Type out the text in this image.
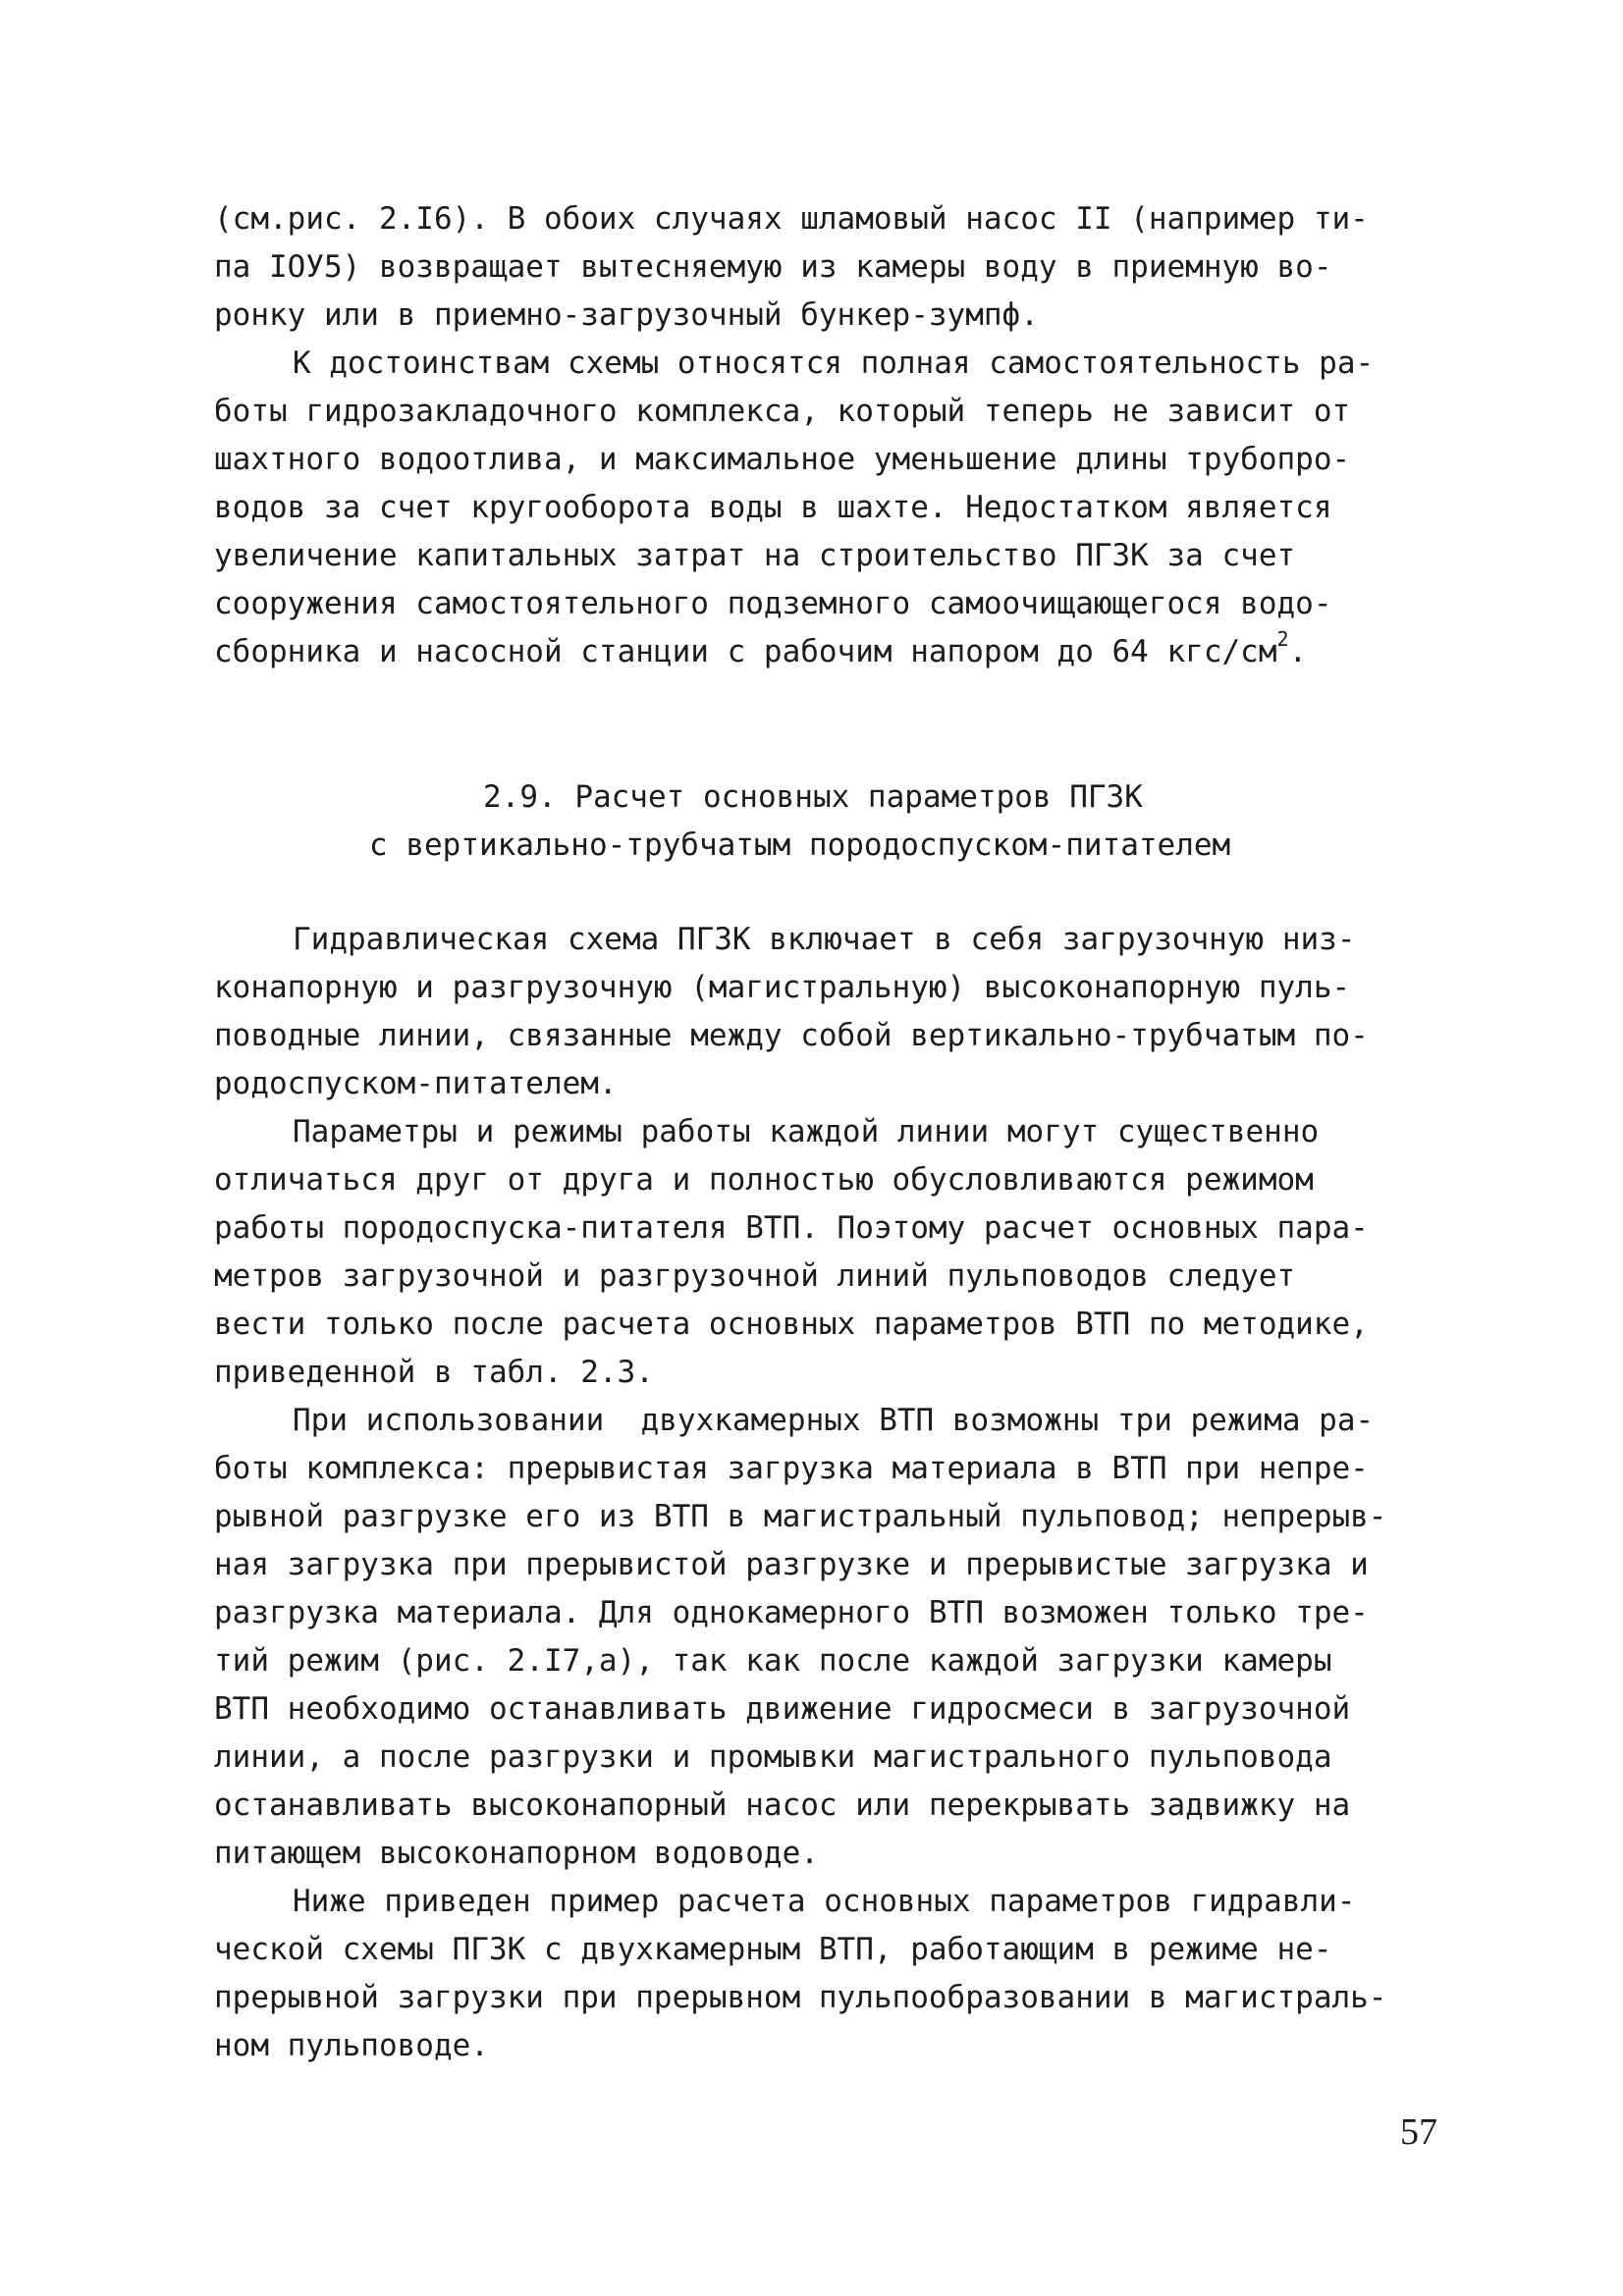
(см.рис. 2.I6). В обоих случаях шламовый насос II (например ти-
па IOУ5) возвращает вытесняемую из камеры воду в приемную во-
ронку или в приемно-загрузочный бункер-зумпф.
К достоинствам схемы относятся полная самостоятельность ра-
боты гидрозакладочного комплекса, который теперь не зависит от
шахтного водоотлива, и максимальное уменьшение длины трубопро-
водов за счет кругооборота воды в шахте. Недостатком является
увеличение капитальных затрат на строительство ПГЗК за счет
сооружения самостоятельного подземного самоочищающегося водо-
сборника и насосной станции с рабочим напором до 64 кгс/$см^2$.
2.9. Расчет основных параметров ПГЗК
с вертикально-трубчатым породоспуском-питателем
Гидравлическая схема ПГЗК включает в себя загрузочную низ-
конапорную и разгрузочную (магистральную) высоконапорную пуль-
поводные линии, связанные между собой вертикально-трубчатым по-
родоспуском-питателем.
Параметры и режимы работы каждой линии могут существенно
отличаться друг от друга и полностью обусловливаются режимом
работы породоспуска-питателя ВТП. Поэтому расчет основных пара-
метров загрузочной и разгрузочной линий пульповодов следует
вести только после расчета основных параметров ВТП по методике,
приведенной в табл. 2.3.
При использовании  двухкамерных ВТП возможны три режима ра-
боты комплекса: прерывистая загрузка материала в ВТП при непре-
рывной разгрузке его из ВТП в магистральный пульповод; непрерыв-
ная загрузка при прерывистой разгрузке и прерывистые загрузка и
разгрузка материала. Для однокамерного ВТП возможен только тре-
тий режим (рис. 2.I7,a), так как после каждой загрузки камеры
ВТП необходимо останавливать движение гидросмеси в загрузочной
линии, а после разгрузки и промывки магистрального пульповода
останавливать высоконапорный насос или перекрывать задвижку на
питающем высоконапорном водоводе.
Ниже приведен пример расчета основных параметров гидравли-
ческой схемы ПГЗК с двухкамерным ВТП, работающим в режиме не-
прерывной загрузки при прерывном пульпообразовании в магистраль-
ном пульповоде.
57
